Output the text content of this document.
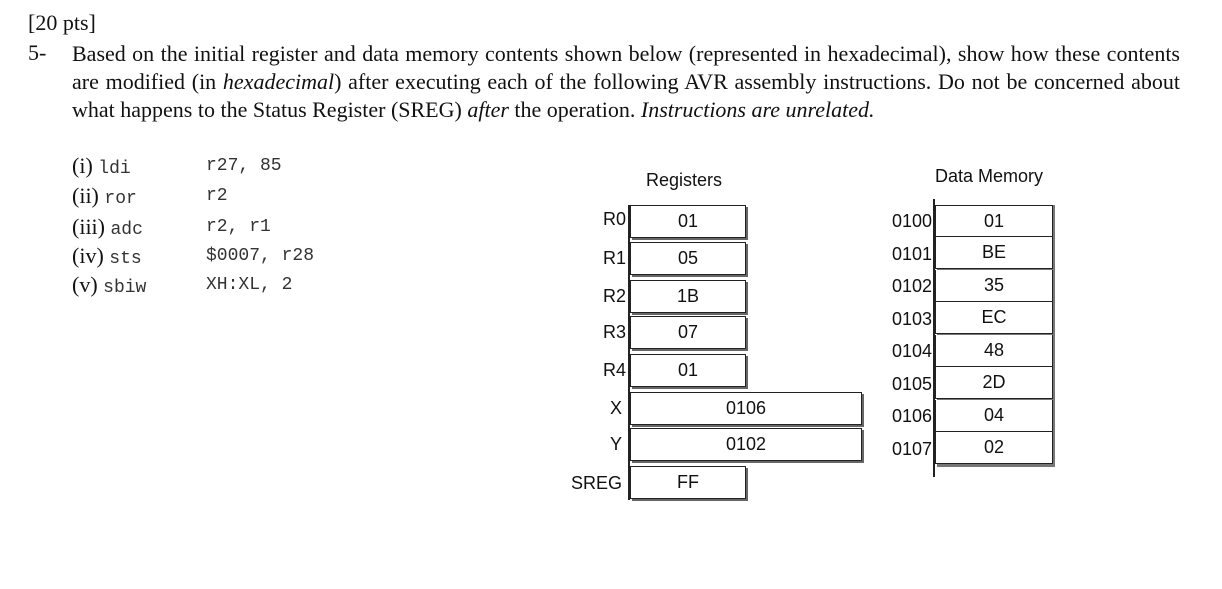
[20 pts]
5- Based on the initial register and data memory contents shown below (represented in hexadecimal), show how these contents are modified (in hexadecimal) after executing each of the following AVR assembly instructions. Do not be concerned about what happens to the Status Register (SREG) after the operation. Instructions are unrelated.
(i) ldi	r27, 85
(ii) ror	r2
(iii) adc	r2, r1
(iv) sts	$0007, r28
(v) sbiw	XH:XL, 2
Registers
R0	01
R1	05
R2	1B
R3	07
R4	01
X	0106
Y	0102
SREG	FF
Data Memory
0100	01
0101	BE
0102	35
0103	EC
0104	48
0105	2D
0106	04
0107	02
